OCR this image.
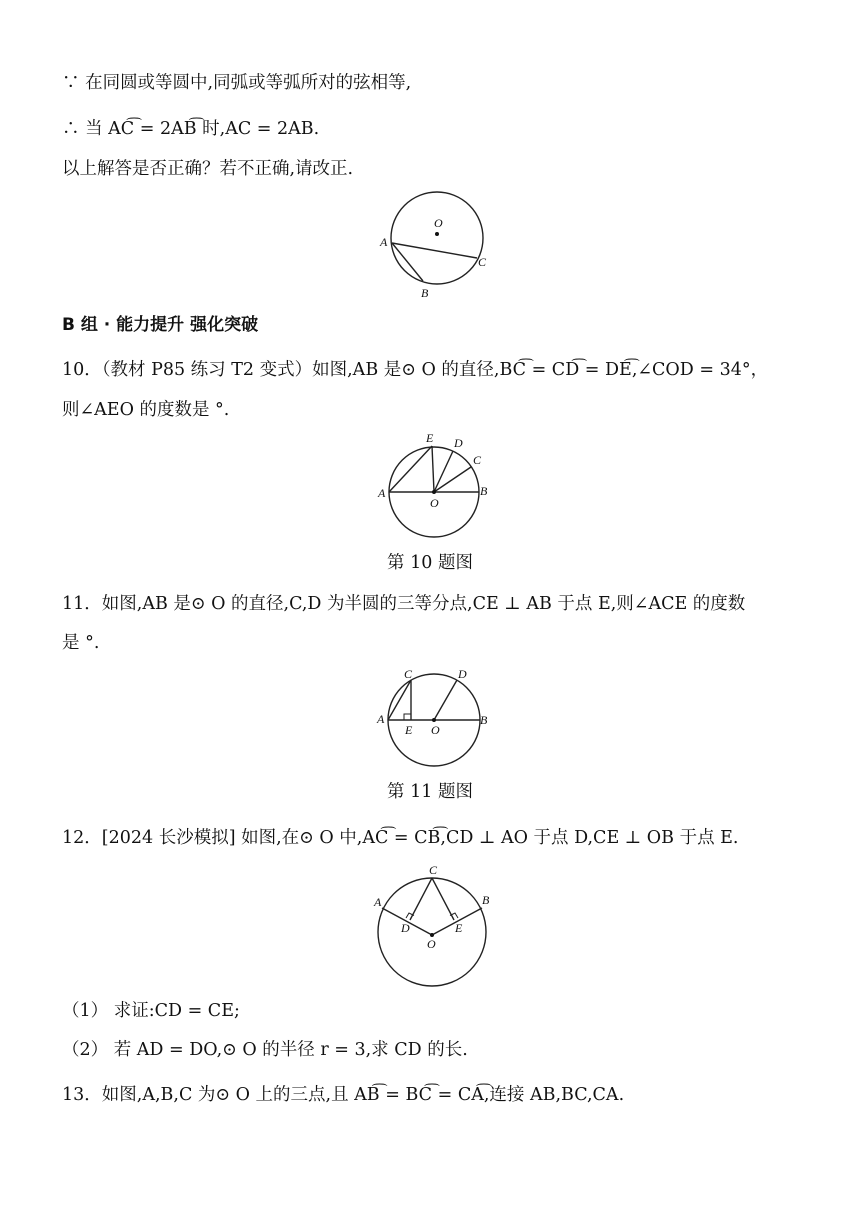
∵ 在同圆或等圆中,同弧或等弧所对的弦相等,
∴ 当 AC͡ = 2AB͡ 时,AC = 2AB.
以上解答是否正确？若不正确,请改正.
O
A
B
C
B 组 · 能力提升 强化突破
10．（教材 P85 练习 T2 变式）如图,AB 是⊙ O 的直径,BC͡ = CD͡ = DE͡,∠COD = 34°，
则∠AEO 的度数是 °.
E D
C
A
O
B
第 10 题图
11．如图,AB 是⊙ O 的直径,C,D 为半圆的三等分点,CE ⊥ AB 于点 E,则∠ACE 的度数
是 °.
C	D
A
E O
B
第 11 题图
12．[2024 长沙模拟] 如图,在⊙ O 中,AC͡ = CB͡,CD ⊥ AO 于点 D,CE ⊥ OB 于点 E.
C
A	B
D	E
O
（1） 求证:CD = CE;
（2） 若 AD = DO,⊙ O 的半径 r = 3,求 CD 的长.
13．如图,A,B,C 为⊙ O 上的三点,且 AB͡ = BC͡ = CA͡,连接 AB,BC,CA.
